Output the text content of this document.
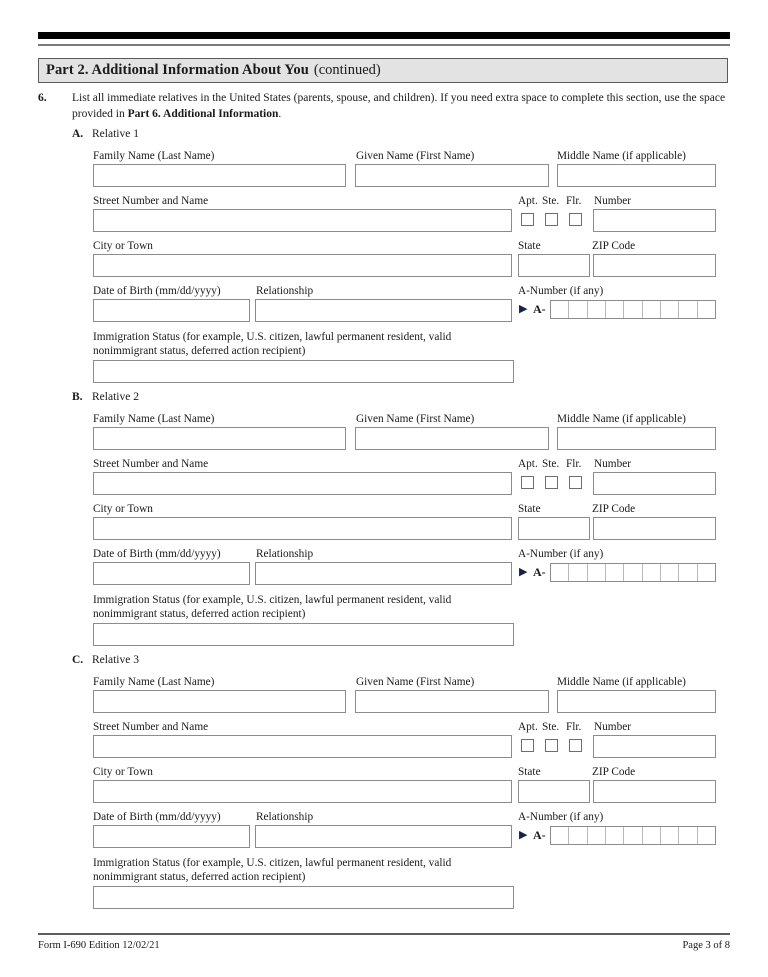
Part 2. Additional Information About You (continued)
6. List all immediate relatives in the United States (parents, spouse, and children). If you need extra space to complete this section, use the space provided in Part 6. Additional Information.
A. Relative 1
Family Name (Last Name)	Given Name (First Name)	Middle Name (if applicable)
Street Number and Name	Apt. Ste. Flr. Number
City or Town	State	ZIP Code
Date of Birth (mm/dd/yyyy)	Relationship	A-Number (if any)
▶ A-
Immigration Status (for example, U.S. citizen, lawful permanent resident, valid nonimmigrant status, deferred action recipient)
B. Relative 2
Family Name (Last Name)	Given Name (First Name)	Middle Name (if applicable)
Street Number and Name	Apt. Ste. Flr. Number
City or Town	State	ZIP Code
Date of Birth (mm/dd/yyyy)	Relationship	A-Number (if any)
▶ A-
Immigration Status (for example, U.S. citizen, lawful permanent resident, valid nonimmigrant status, deferred action recipient)
C. Relative 3
Family Name (Last Name)	Given Name (First Name)	Middle Name (if applicable)
Street Number and Name	Apt. Ste. Flr. Number
City or Town	State	ZIP Code
Date of Birth (mm/dd/yyyy)	Relationship	A-Number (if any)
▶ A-
Immigration Status (for example, U.S. citizen, lawful permanent resident, valid nonimmigrant status, deferred action recipient)
Form I-690 Edition 12/02/21	Page 3 of 8
